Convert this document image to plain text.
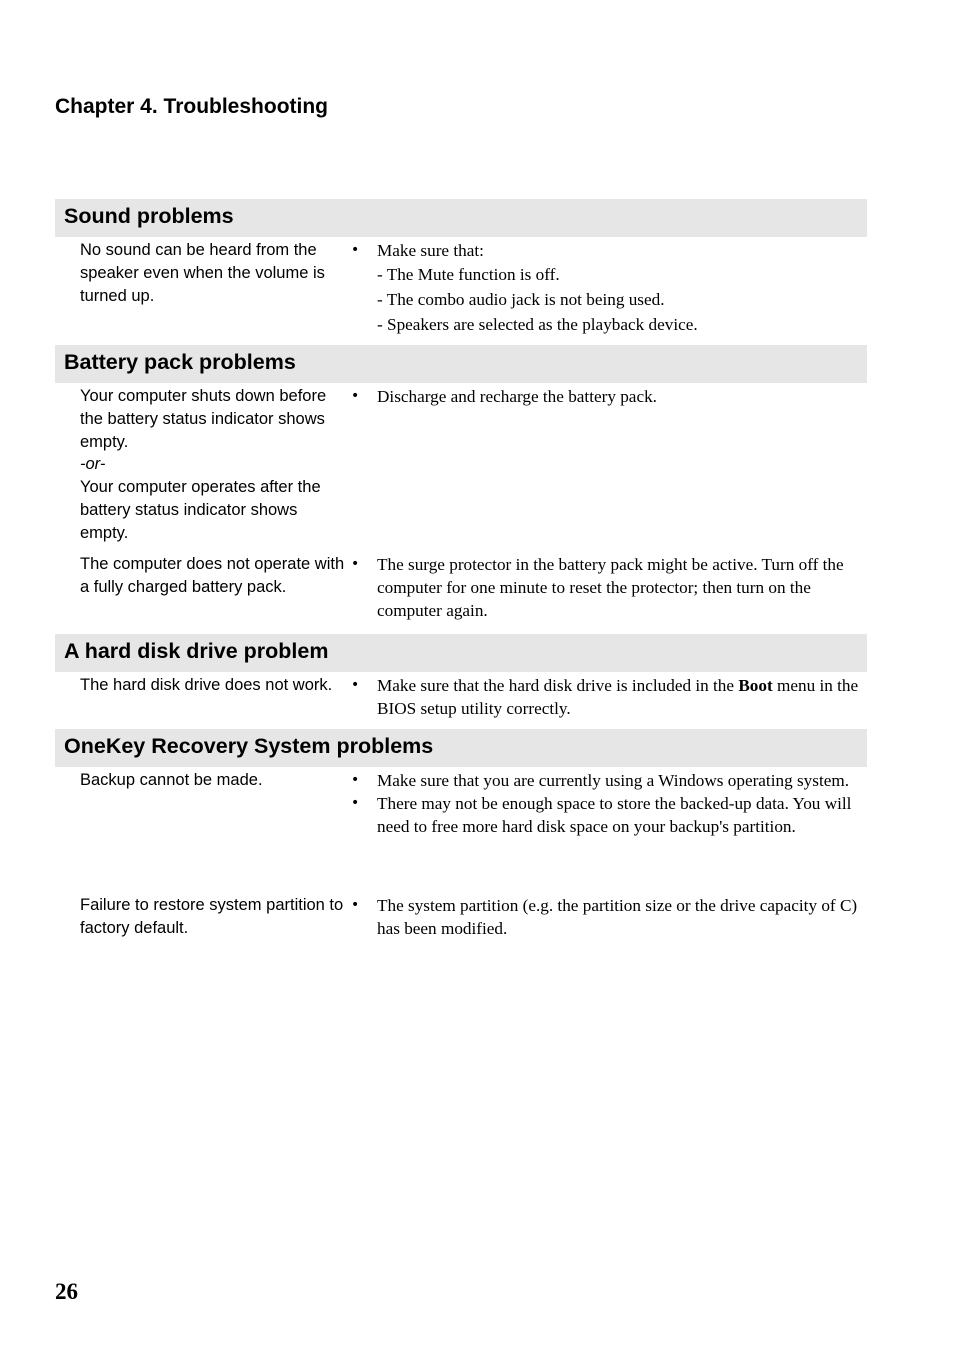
Chapter 4. Troubleshooting
Sound problems
No sound can be heard from the speaker even when the volume is turned up.
•	Make sure that:
- The Mute function is off.
- The combo audio jack is not being used.
- Speakers are selected as the playback device.
Battery pack problems
Your computer shuts down before the battery status indicator shows empty.
-or-
Your computer operates after the battery status indicator shows empty.
•	Discharge and recharge the battery pack.
The computer does not operate with a fully charged battery pack.
•	The surge protector in the battery pack might be active. Turn off the computer for one minute to reset the protector; then turn on the computer again.
A hard disk drive problem
The hard disk drive does not work.	•	Make sure that the hard disk drive is included in the Boot menu in the BIOS setup utility correctly.
OneKey Recovery System problems
Backup cannot be made.	•	Make sure that you are currently using a Windows operating system.
•	There may not be enough space to store the backed-up data. You will need to free more hard disk space on your backup's partition.
Failure to restore system partition to factory default.
•	The system partition (e.g. the partition size or the drive capacity of C) has been modified.
26
